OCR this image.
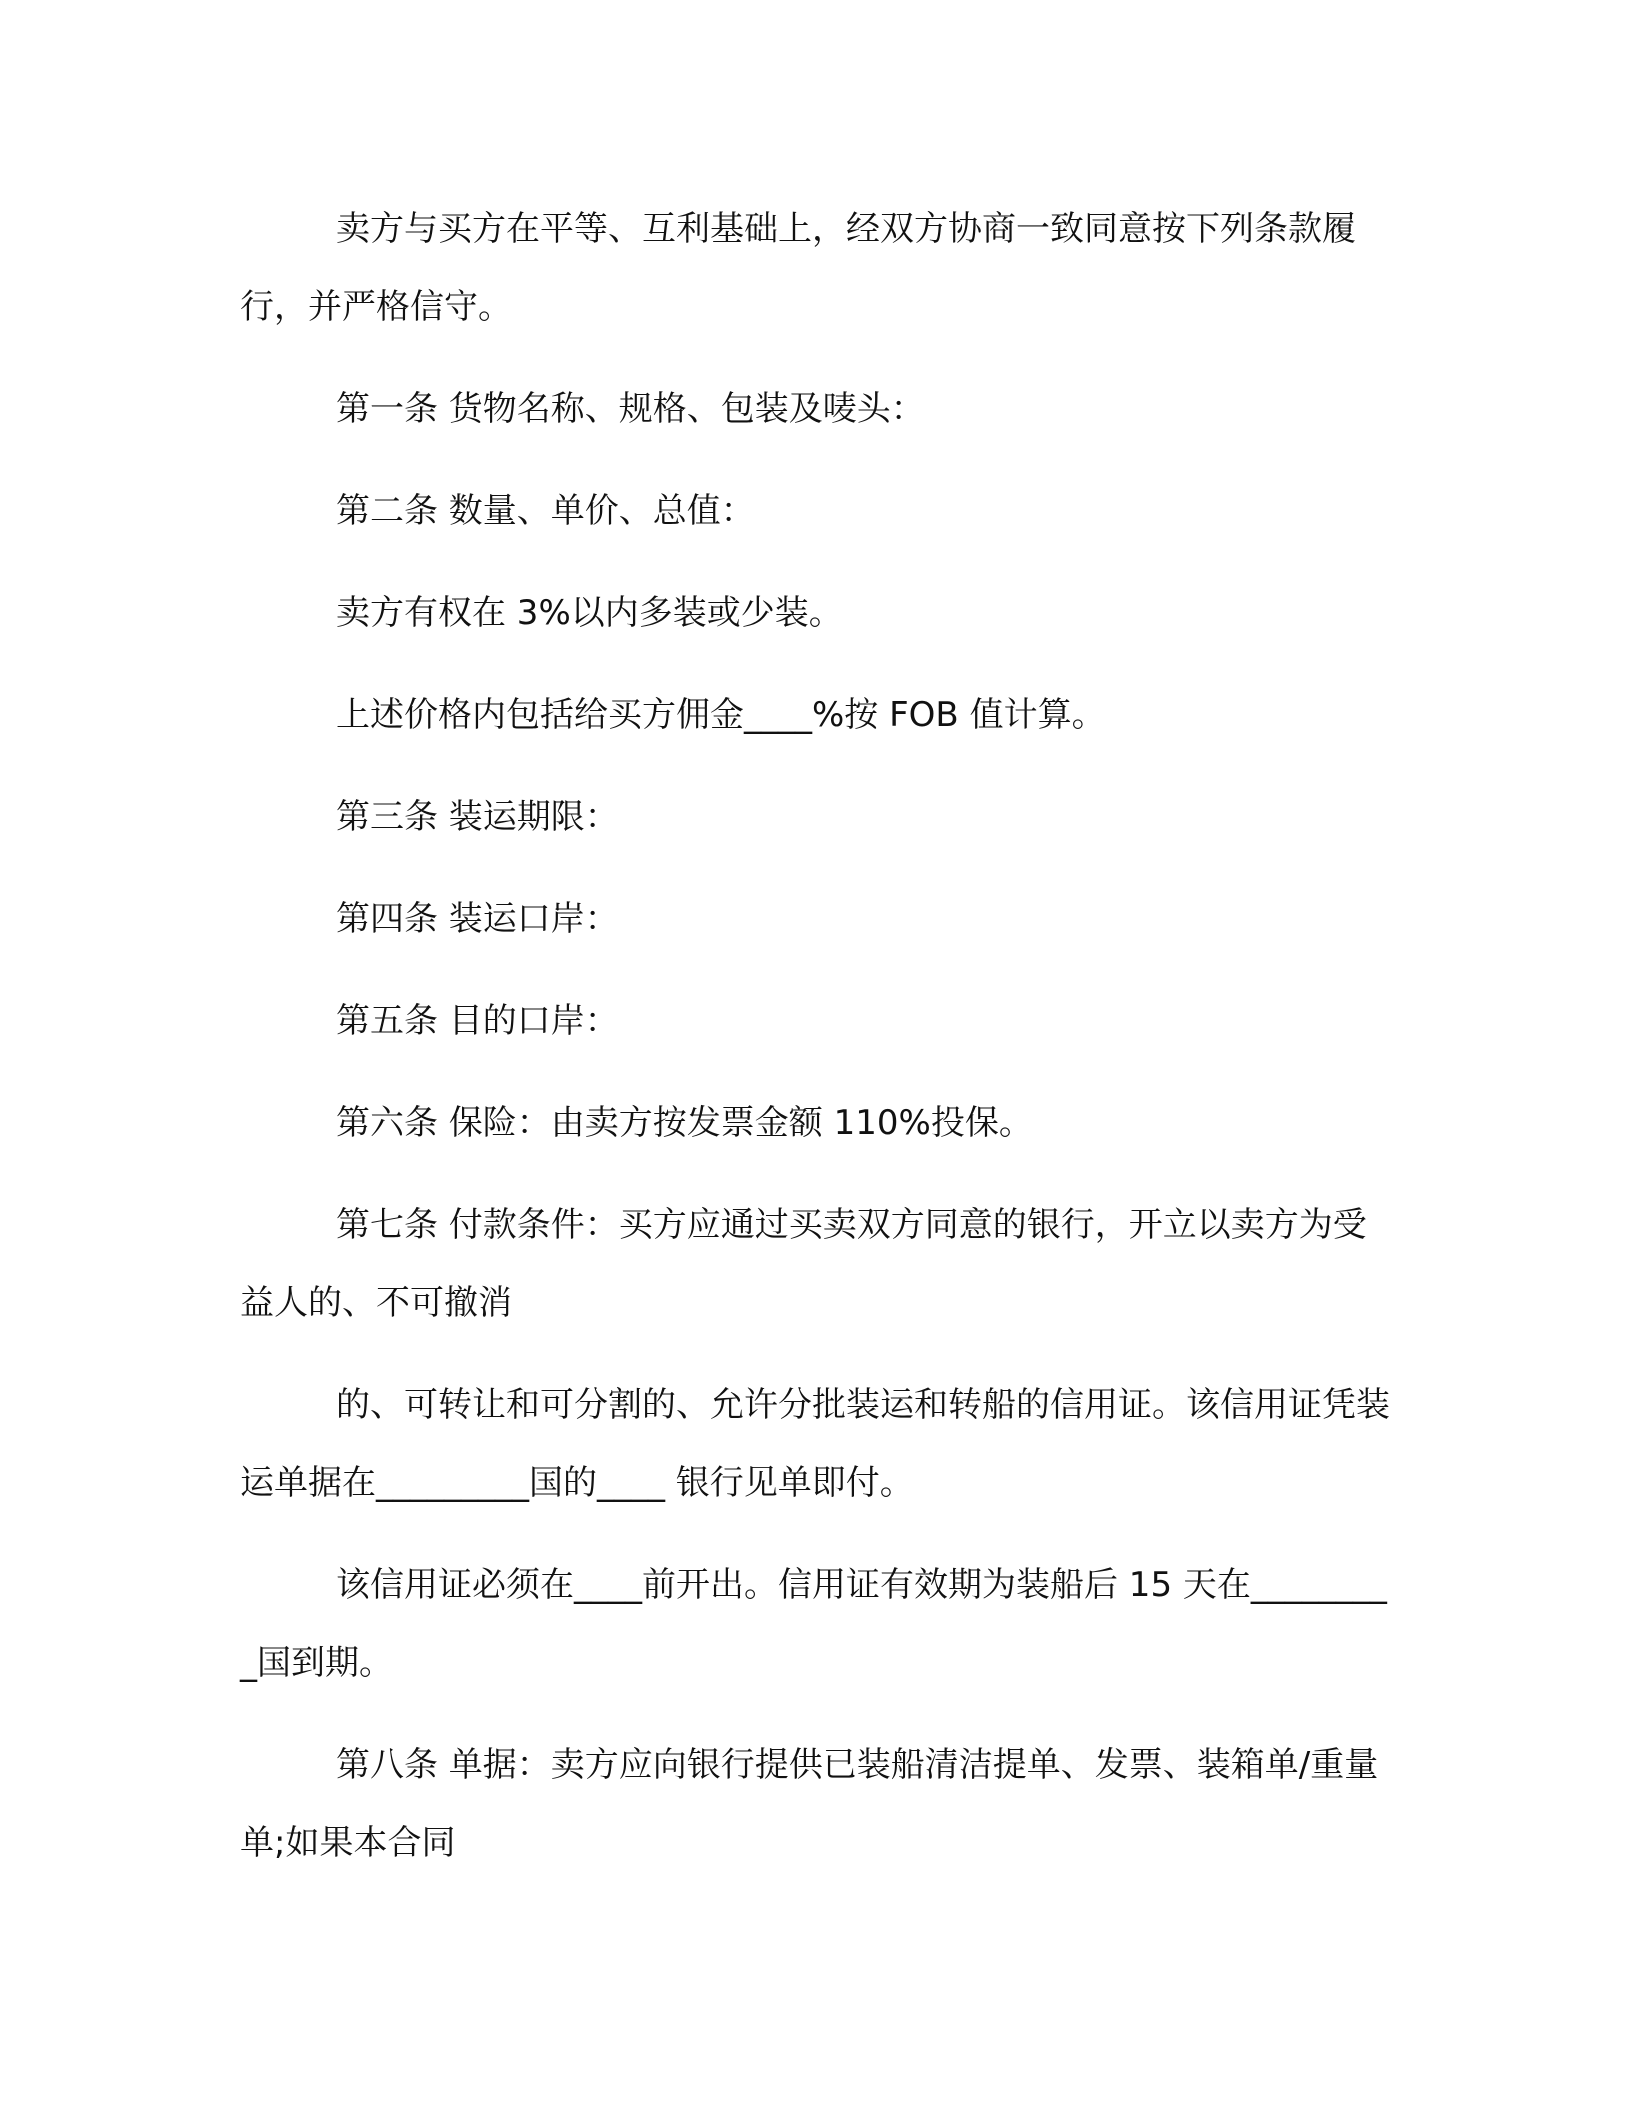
卖方与买方在平等、互利基础上，经双方协商一致同意按下列条款履行，并严格信守。

第一条 货物名称、规格、包装及唛头：

第二条 数量、单价、总值：

卖方有权在 3%以内多装或少装。

上述价格内包括给买方佣金____%按 FOB 值计算。

第三条 装运期限：

第四条 装运口岸：

第五条 目的口岸：

第六条 保险：由卖方按发票金额 110%投保。

第七条 付款条件：买方应通过买卖双方同意的银行，开立以卖方为受益人的、不可撤消

的、可转让和可分割的、允许分批装运和转船的信用证。该信用证凭装运单据在_________国的____ 银行见单即付。

该信用证必须在____前开出。信用证有效期为装船后 15 天在_________国到期。

第八条 单据：卖方应向银行提供已装船清洁提单、发票、装箱单/重量单;如果本合同
